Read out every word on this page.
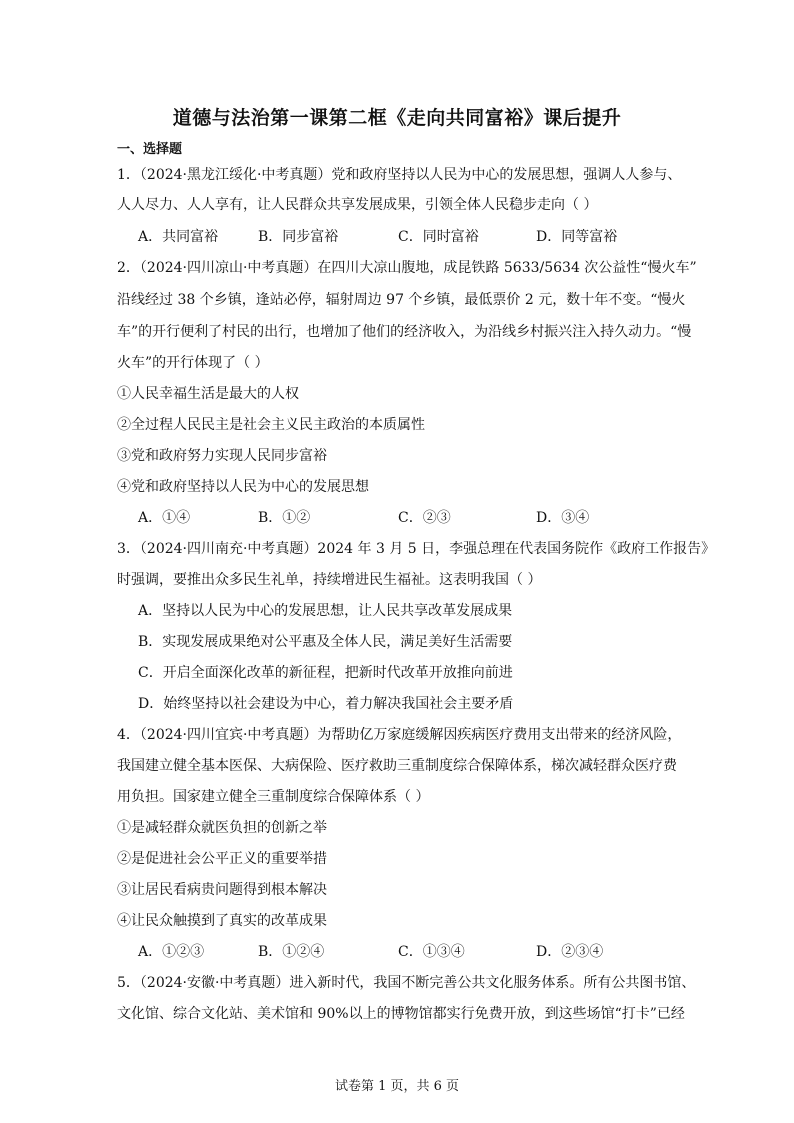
道德与法治第一课第二框《走向共同富裕》课后提升
一、选择题
1．（2024·黑龙江绥化·中考真题）党和政府坚持以人民为中心的发展思想，强调人人参与、
人人尽力、人人享有，让人民群众共享发展成果，引领全体人民稳步走向（ ）
A．共同富裕	B．同步富裕	C．同时富裕	D．同等富裕
2．（2024·四川凉山·中考真题）在四川大凉山腹地，成昆铁路 5633/5634 次公益性“慢火车”
沿线经过 38 个乡镇，逢站必停，辐射周边 97 个乡镇，最低票价 2 元，数十年不变。“慢火
车”的开行便利了村民的出行，也增加了他们的经济收入，为沿线乡村振兴注入持久动力。“慢
火车”的开行体现了（ ）
①人民幸福生活是最大的人权
②全过程人民民主是社会主义民主政治的本质属性
③党和政府努力实现人民同步富裕
④党和政府坚持以人民为中心的发展思想
A．①④	B．①②	C．②③	D．③④
3．（2024·四川南充·中考真题）2024 年 3 月 5 日，李强总理在代表国务院作《政府工作报告》
时强调，要推出众多民生礼单，持续增进民生福祉。这表明我国（ ）
A．坚持以人民为中心的发展思想，让人民共享改革发展成果
B．实现发展成果绝对公平惠及全体人民，满足美好生活需要
C．开启全面深化改革的新征程，把新时代改革开放推向前进
D．始终坚持以社会建设为中心，着力解决我国社会主要矛盾
4．（2024·四川宜宾·中考真题）为帮助亿万家庭缓解因疾病医疗费用支出带来的经济风险，
我国建立健全基本医保、大病保险、医疗救助三重制度综合保障体系，梯次减轻群众医疗费
用负担。国家建立健全三重制度综合保障体系（ ）
①是减轻群众就医负担的创新之举
②是促进社会公平正义的重要举措
③让居民看病贵问题得到根本解决
④让民众触摸到了真实的改革成果
A．①②③	B．①②④	C．①③④	D．②③④
5．（2024·安徽·中考真题）进入新时代，我国不断完善公共文化服务体系。所有公共图书馆、
文化馆、综合文化站、美术馆和 90%以上的博物馆都实行免费开放，到这些场馆“打卡”已经
试卷第 1 页，共 6 页
